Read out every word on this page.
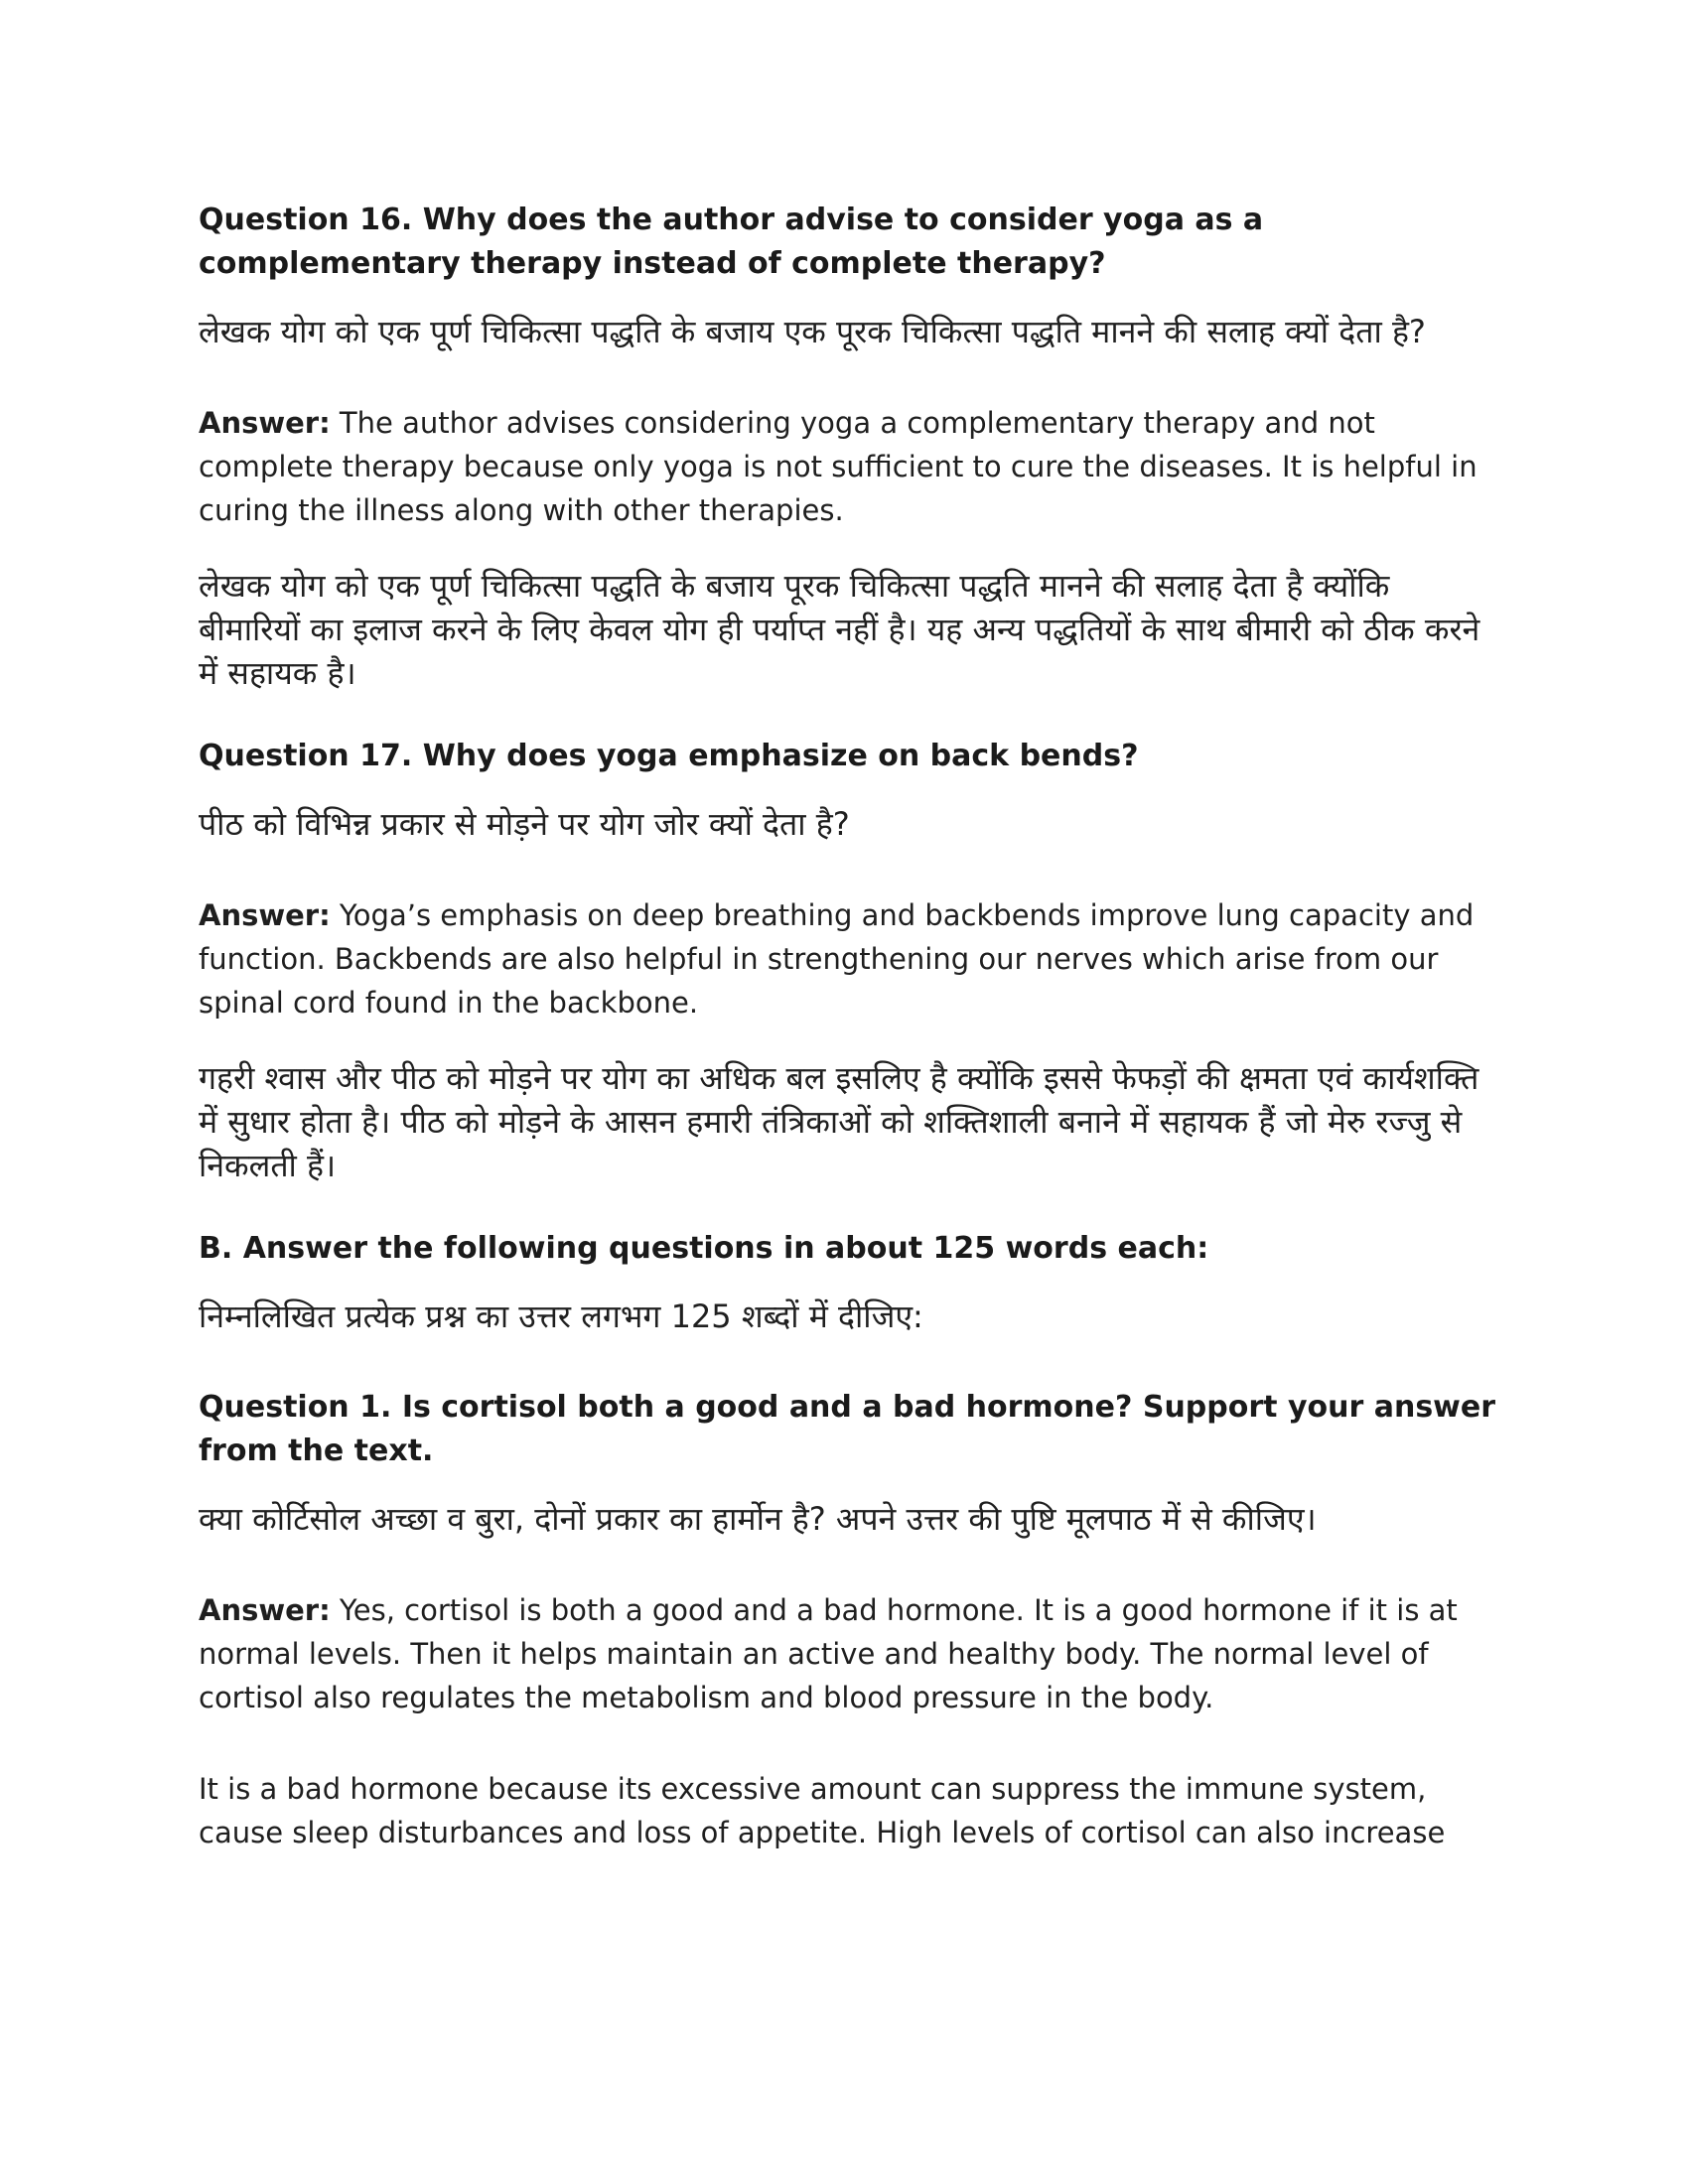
Question 16. Why does the author advise to consider yoga as a complementary therapy instead of complete therapy?

लेखक योग को एक पूर्ण चिकित्सा पद्धति के बजाय एक पूरक चिकित्सा पद्धति मानने की सलाह क्यों देता है?

Answer: The author advises considering yoga a complementary therapy and not complete therapy because only yoga is not sufficient to cure the diseases. It is helpful in curing the illness along with other therapies.

लेखक योग को एक पूर्ण चिकित्सा पद्धति के बजाय पूरक चिकित्सा पद्धति मानने की सलाह देता है क्योंकि बीमारियों का इलाज करने के लिए केवल योग ही पर्याप्त नहीं है। यह अन्य पद्धतियों के साथ बीमारी को ठीक करने में सहायक है।

Question 17. Why does yoga emphasize on back bends?

पीठ को विभिन्न प्रकार से मोड़ने पर योग जोर क्यों देता है?

Answer: Yoga’s emphasis on deep breathing and backbends improve lung capacity and function. Backbends are also helpful in strengthening our nerves which arise from our spinal cord found in the backbone.

गहरी श्वास और पीठ को मोड़ने पर योग का अधिक बल इसलिए है क्योंकि इससे फेफड़ों की क्षमता एवं कार्यशक्ति में सुधार होता है। पीठ को मोड़ने के आसन हमारी तंत्रिकाओं को शक्तिशाली बनाने में सहायक हैं जो मेरु रज्जु से निकलती हैं।

B. Answer the following questions in about 125 words each:

निम्नलिखित प्रत्येक प्रश्न का उत्तर लगभग 125 शब्दों में दीजिए:

Question 1. Is cortisol both a good and a bad hormone? Support your answer from the text.

क्या कोर्टिसोल अच्छा व बुरा, दोनों प्रकार का हार्मोन है? अपने उत्तर की पुष्टि मूलपाठ में से कीजिए।

Answer: Yes, cortisol is both a good and a bad hormone. It is a good hormone if it is at normal levels. Then it helps maintain an active and healthy body. The normal level of cortisol also regulates the metabolism and blood pressure in the body.

It is a bad hormone because its excessive amount can suppress the immune system, cause sleep disturbances and loss of appetite. High levels of cortisol can also increase
